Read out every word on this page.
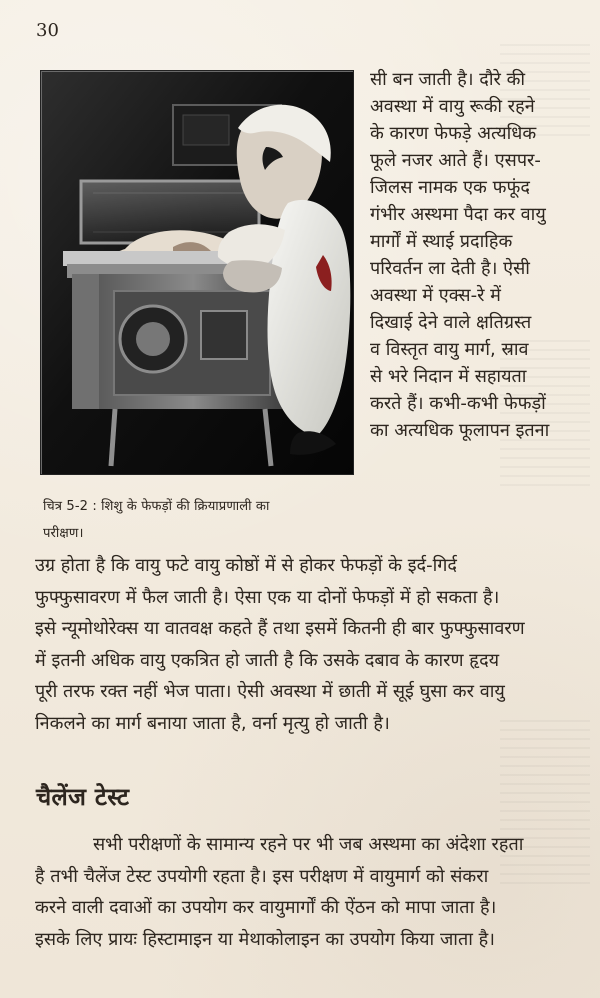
30
चित्र 5-2 : शिशु के फेफड़ों की क्रियाप्रणाली का
परीक्षण।
सी बन जाती है। दौरे की
अवस्था में वायु रूकी रहने
के कारण फेफड़े अत्यधिक
फूले नजर आते हैं। एसपर-
जिलस नामक एक फफूंद
गंभीर अस्थमा पैदा कर वायु
मार्गों में स्थाई प्रदाहिक
परिवर्तन ला देती है। ऐसी
अवस्था में एक्स-रे में
दिखाई देने वाले क्षतिग्रस्त
व विस्तृत वायु मार्ग, स्राव
से भरे निदान में सहायता
करते हैं। कभी-कभी फेफड़ों
का अत्यधिक फूलापन इतना
उग्र होता है कि वायु फटे वायु कोष्ठों में से होकर फेफड़ों के इर्द-गिर्द
फुफ्फुसावरण में फैल जाती है। ऐसा एक या दोनों फेफड़ों में हो सकता है।
इसे न्यूमोथोरेक्स या वातवक्ष कहते हैं तथा इसमें कितनी ही बार फुफ्फुसावरण
में इतनी अधिक वायु एकत्रित हो जाती है कि उसके दबाव के कारण हृदय
पूरी तरफ रक्त नहीं भेज पाता। ऐसी अवस्था में छाती में सूई घुसा कर वायु
निकलने का मार्ग बनाया जाता है, वर्ना मृत्यु हो जाती है।
चैलेंज टेस्ट
सभी परीक्षणों के सामान्य रहने पर भी जब अस्थमा का अंदेशा रहता
है तभी चैलेंज टेस्ट उपयोगी रहता है। इस परीक्षण में वायुमार्ग को संकरा
करने वाली दवाओं का उपयोग कर वायुमार्गों की ऐंठन को मापा जाता है।
इसके लिए प्रायः हिस्टामाइन या मेथाकोलाइन का उपयोग किया जाता है।
